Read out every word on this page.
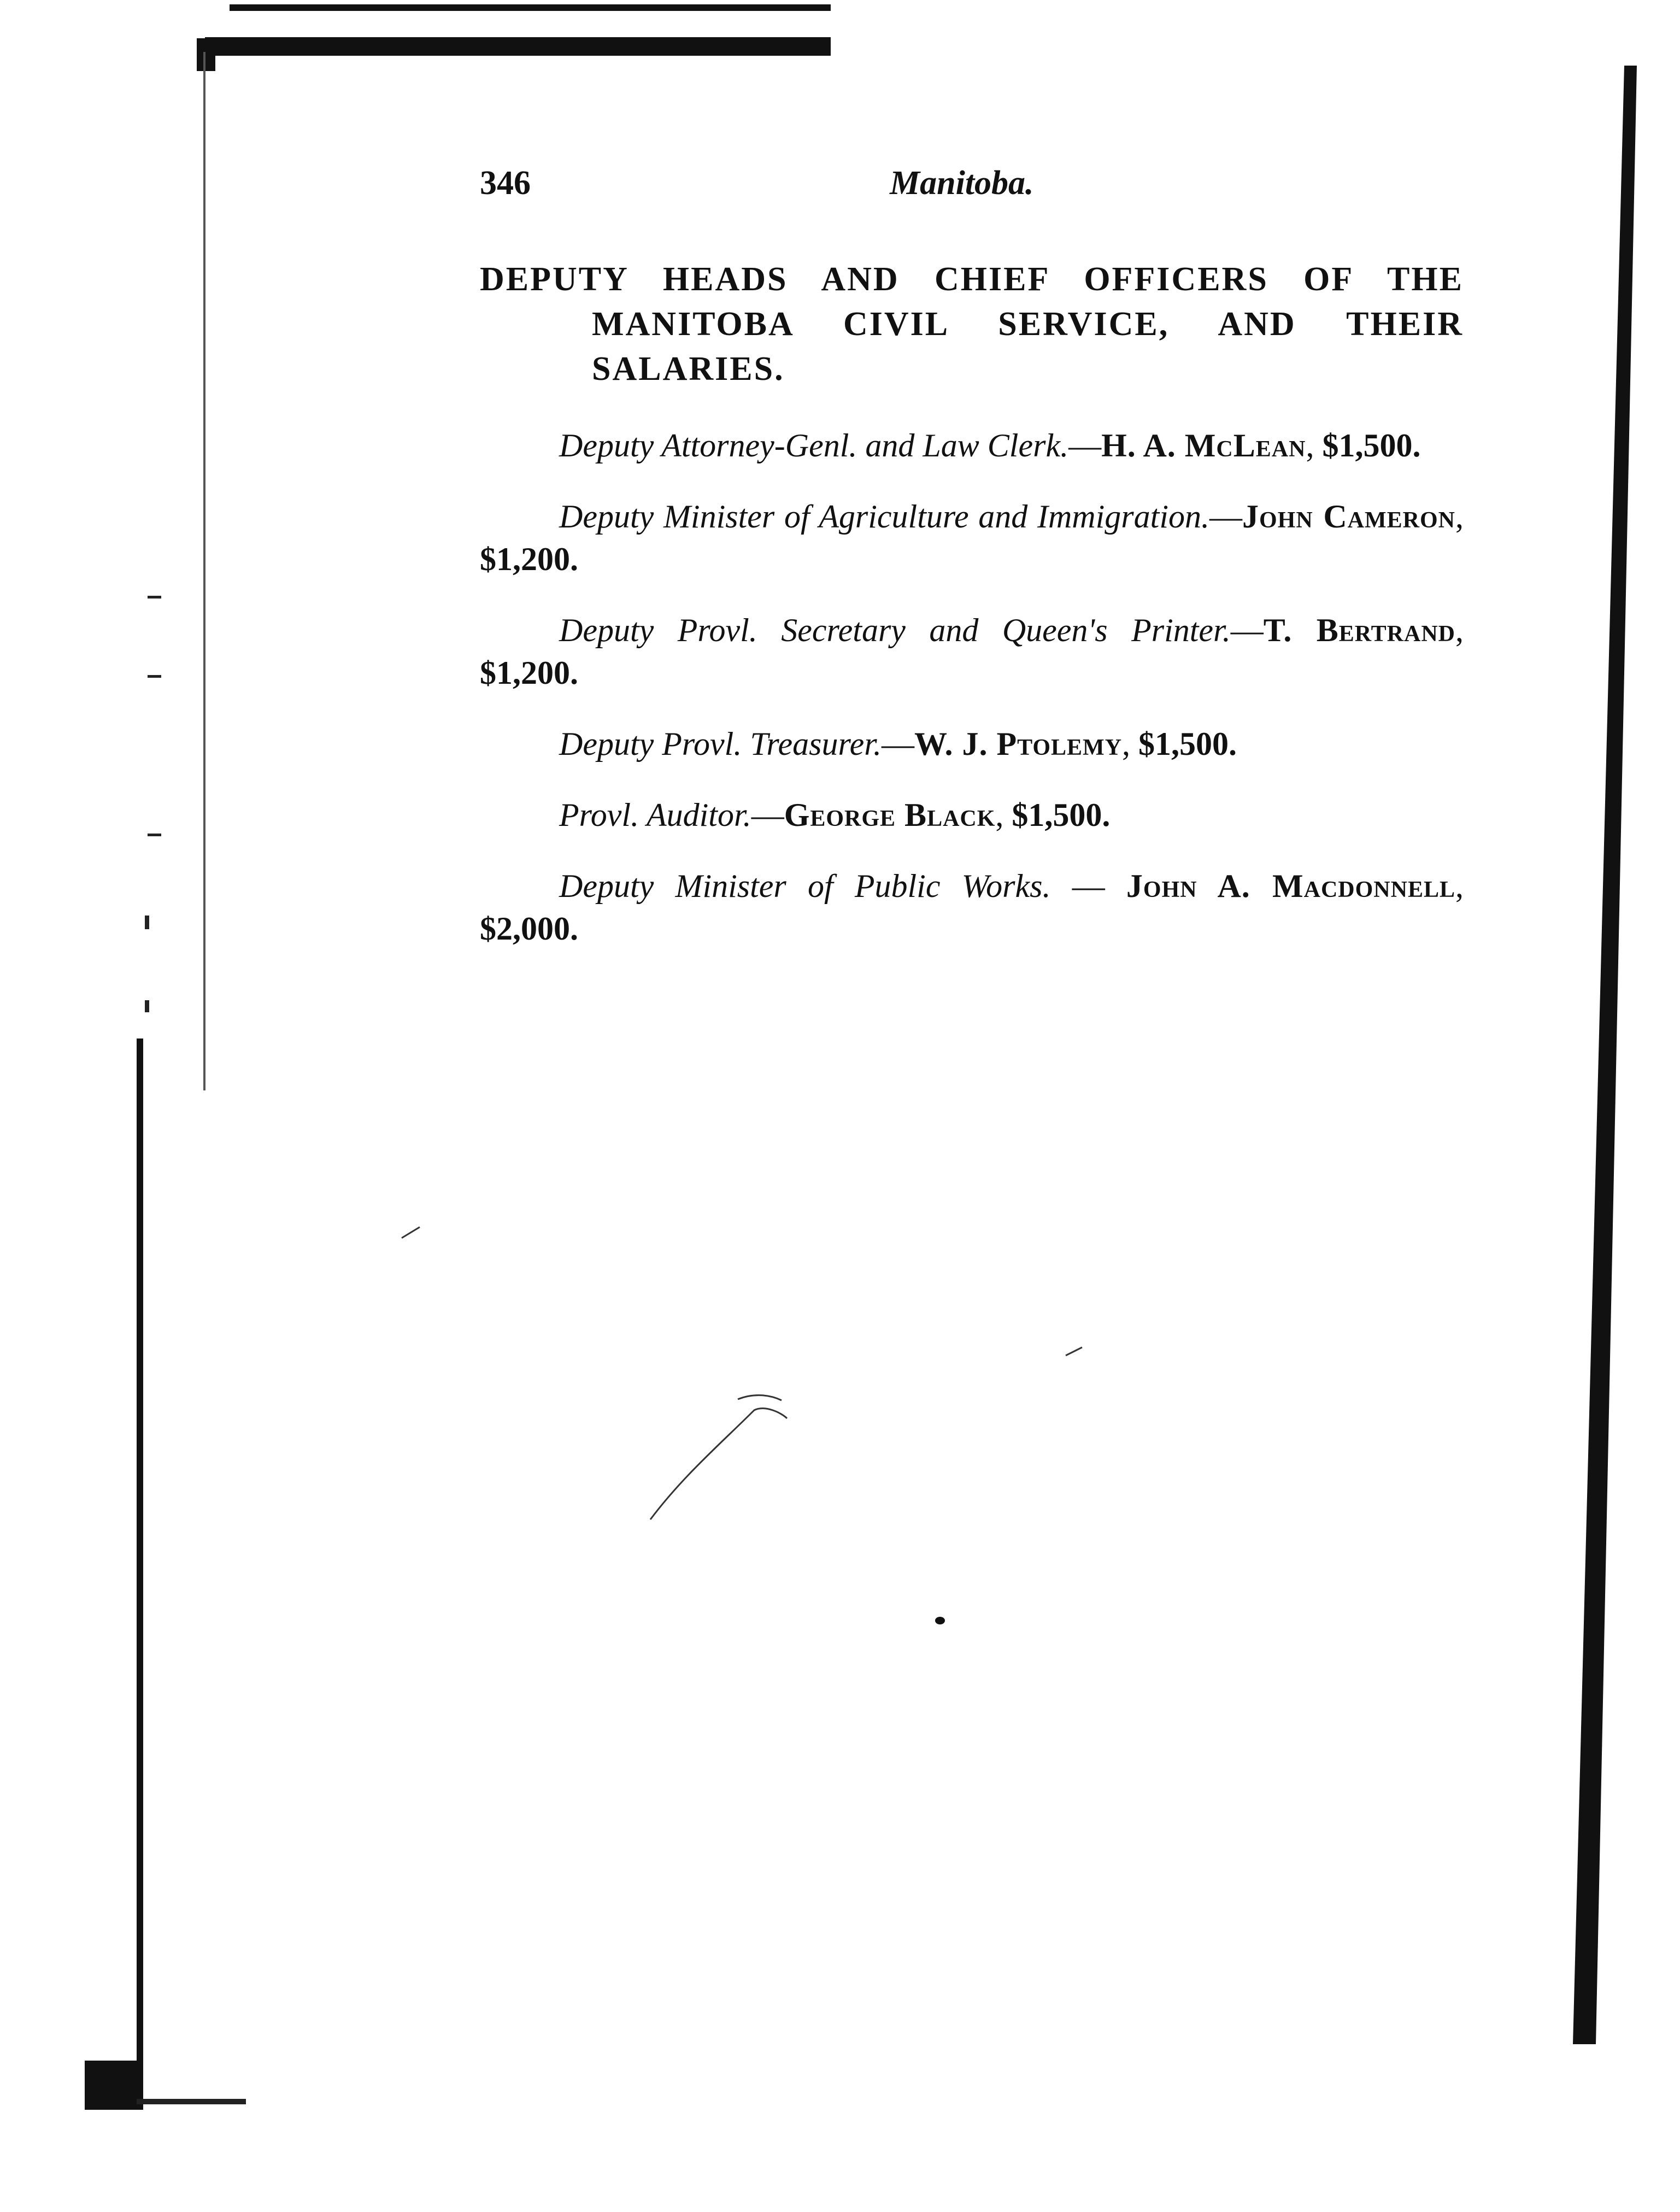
346	Manitoba.
DEPUTY HEADS AND CHIEF OFFICERS OF THE
MANITOBA CIVIL SERVICE, AND THEIR
SALARIES.

Deputy Attorney-Genl. and Law Clerk.—H. A. McLean, $1,500.

Deputy Minister of Agriculture and Immigration.—John Cameron, $1,200.

Deputy Provl. Secretary and Queen's Printer.—T. Bertrand, $1,200.

Deputy Provl. Treasurer.—W. J. Ptolemy, $1,500.

Provl. Auditor.—George Black, $1,500.

Deputy Minister of Public Works. — John A. Macdonnell, $2,000.
